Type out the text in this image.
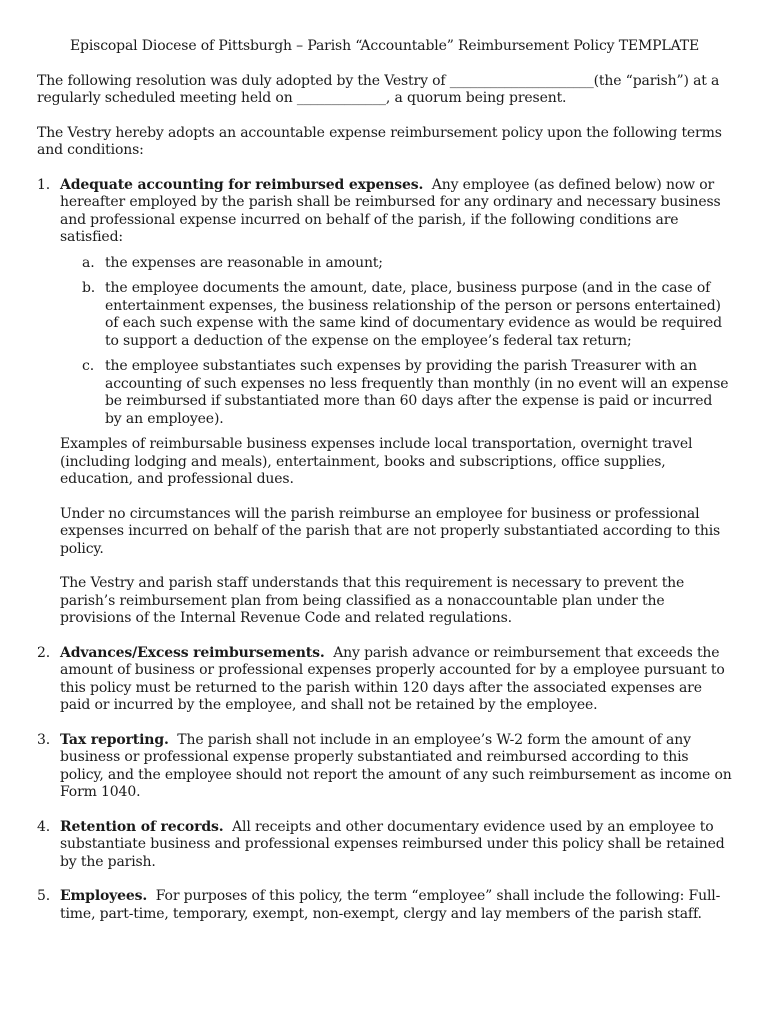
Episcopal Diocese of Pittsburgh – Parish “Accountable” Reimbursement Policy TEMPLATE

The following resolution was duly adopted by the Vestry of _____________________(the “parish”) at a regularly scheduled meeting held on _____________, a quorum being present.

The Vestry hereby adopts an accountable expense reimbursement policy upon the following terms and conditions:

1. Adequate accounting for reimbursed expenses. Any employee (as defined below) now or hereafter employed by the parish shall be reimbursed for any ordinary and necessary business and professional expense incurred on behalf of the parish, if the following conditions are satisfied:

a. the expenses are reasonable in amount;
b. the employee documents the amount, date, place, business purpose (and in the case of entertainment expenses, the business relationship of the person or persons entertained) of each such expense with the same kind of documentary evidence as would be required to support a deduction of the expense on the employee’s federal tax return;
c. the employee substantiates such expenses by providing the parish Treasurer with an accounting of such expenses no less frequently than monthly (in no event will an expense be reimbursed if substantiated more than 60 days after the expense is paid or incurred by an employee).

Examples of reimbursable business expenses include local transportation, overnight travel (including lodging and meals), entertainment, books and subscriptions, office supplies, education, and professional dues.

Under no circumstances will the parish reimburse an employee for business or professional expenses incurred on behalf of the parish that are not properly substantiated according to this policy.

The Vestry and parish staff understands that this requirement is necessary to prevent the parish’s reimbursement plan from being classified as a nonaccountable plan under the provisions of the Internal Revenue Code and related regulations.

2. Advances/Excess reimbursements. Any parish advance or reimbursement that exceeds the amount of business or professional expenses properly accounted for by a employee pursuant to this policy must be returned to the parish within 120 days after the associated expenses are paid or incurred by the employee, and shall not be retained by the employee.

3. Tax reporting. The parish shall not include in an employee’s W-2 form the amount of any business or professional expense properly substantiated and reimbursed according to this policy, and the employee should not report the amount of any such reimbursement as income on Form 1040.

4. Retention of records. All receipts and other documentary evidence used by an employee to substantiate business and professional expenses reimbursed under this policy shall be retained by the parish.

5. Employees. For purposes of this policy, the term “employee” shall include the following: Full-time, part-time, temporary, exempt, non-exempt, clergy and lay members of the parish staff.
